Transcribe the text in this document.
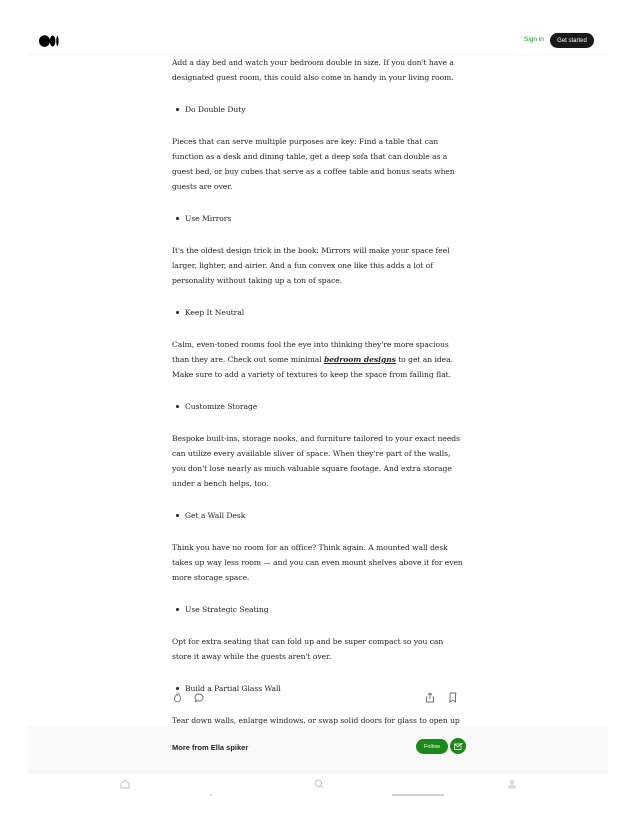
Sign in	Get started

Add a day bed and watch your bedroom double in size. If you don't have a designated guest room, this could also come in handy in your living room.

Do Double Duty

Pieces that can serve multiple purposes are key: Find a table that can function as a desk and dining table, get a deep sofa that can double as a guest bed, or buy cubes that serve as a coffee table and bonus seats when guests are over.

Use Mirrors

It's the oldest design trick in the book: Mirrors will make your space feel larger, lighter, and airier. And a fun convex one like this adds a lot of personality without taking up a ton of space.

Keep It Neutral

Calm, even-toned rooms fool the eye into thinking they're more spacious than they are. Check out some minimal bedroom designs to get an idea. Make sure to add a variety of textures to keep the space from falling flat.

Customize Storage

Bespoke built-ins, storage nooks, and furniture tailored to your exact needs can utilize every available sliver of space. When they're part of the walls, you don't lose nearly as much valuable square footage. And extra storage under a bench helps, too.

Get a Wall Desk

Think you have no room for an office? Think again. A mounted wall desk takes up way less room — and you can even mount shelves above it for even more storage space.

Use Strategic Seating

Opt for extra seating that can fold up and be super compact so you can store it away while the guests aren't over.

Build a Partial Glass Wall

Tear down walls, enlarge windows, or swap solid doors for glass to open up

More from Ella spiker	Follow
